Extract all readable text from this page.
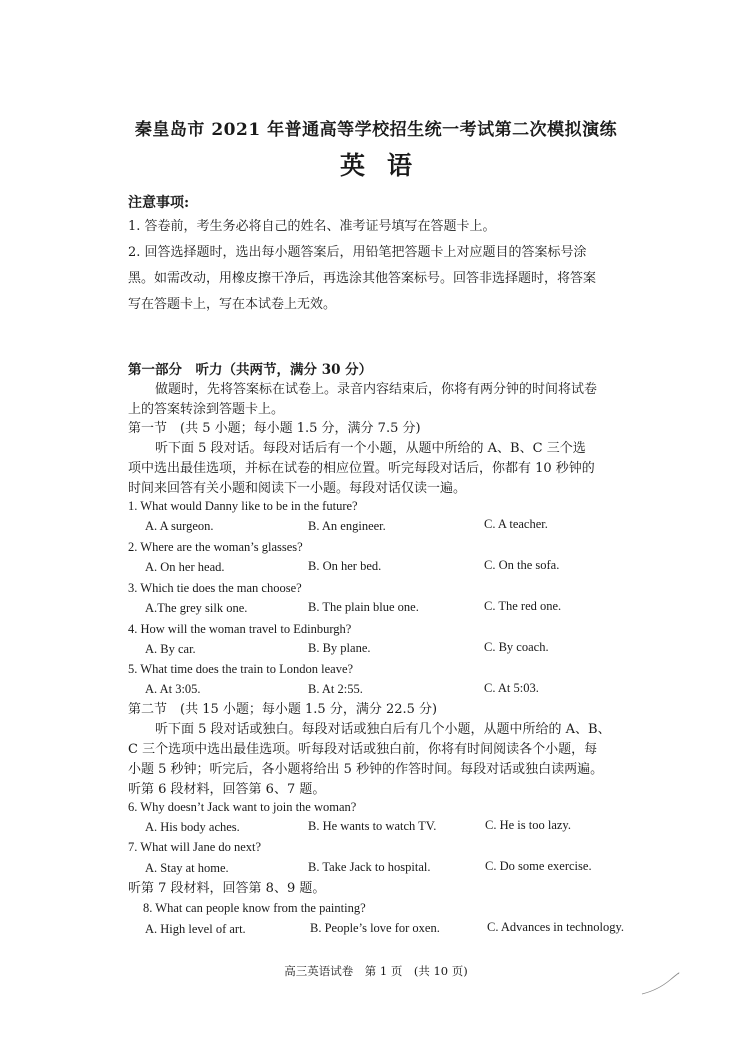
秦皇岛市 2021 年普通高等学校招生统一考试第二次模拟演练
英语
注意事项:
1. 答卷前，考生务必将自己的姓名、准考证号填写在答题卡上。
2. 回答选择题时，选出每小题答案后，用铅笔把答题卡上对应题目的答案标号涂
黑。如需改动，用橡皮擦干净后，再选涂其他答案标号。回答非选择题时，将答案
写在答题卡上，写在本试卷上无效。
第一部分　听力（共两节，满分 30 分）
做题时，先将答案标在试卷上。录音内容结束后，你将有两分钟的时间将试卷
上的答案转涂到答题卡上。
第一节　(共 5 小题；每小题 1.5 分，满分 7.5 分)
听下面 5 段对话。每段对话后有一个小题，从题中所给的 A、B、C 三个选
项中选出最佳选项，并标在试卷的相应位置。听完每段对话后，你都有 10 秒钟的
时间来回答有关小题和阅读下一小题。每段对话仅读一遍。
1. What would Danny like to be in the future?
A. A surgeon.	B. An engineer.	C. A teacher.
2. Where are the woman’s glasses?
A. On her head.	B. On her bed.	C. On the sofa.
3. Which tie does the man choose?
A.The grey silk one.	B. The plain blue one.	C. The red one.
4. How will the woman travel to Edinburgh?
A. By car.	B. By plane.	C. By coach.
5. What time does the train to London leave?
A. At 3:05.	B. At 2:55.	C. At 5:03.
第二节　(共 15 小题；每小题 1.5 分，满分 22.5 分)
听下面 5 段对话或独白。每段对话或独白后有几个小题，从题中所给的 A、B、
C 三个选项中选出最佳选项。听每段对话或独白前，你将有时间阅读各个小题，每
小题 5 秒钟；听完后，各小题将给出 5 秒钟的作答时间。每段对话或独白读两遍。
听第 6 段材料，回答第 6、7 题。
6. Why doesn’t Jack want to join the woman?
A. His body aches.	B. He wants to watch TV.	C. He is too lazy.
7. What will Jane do next?
A. Stay at home.	B. Take Jack to hospital.	C. Do some exercise.
听第 7 段材料，回答第 8、9 题。
8. What can people know from the painting?
A. High level of art.	B. People’s love for oxen.	C. Advances in technology.
高三英语试卷　第 1 页　(共 10 页)
